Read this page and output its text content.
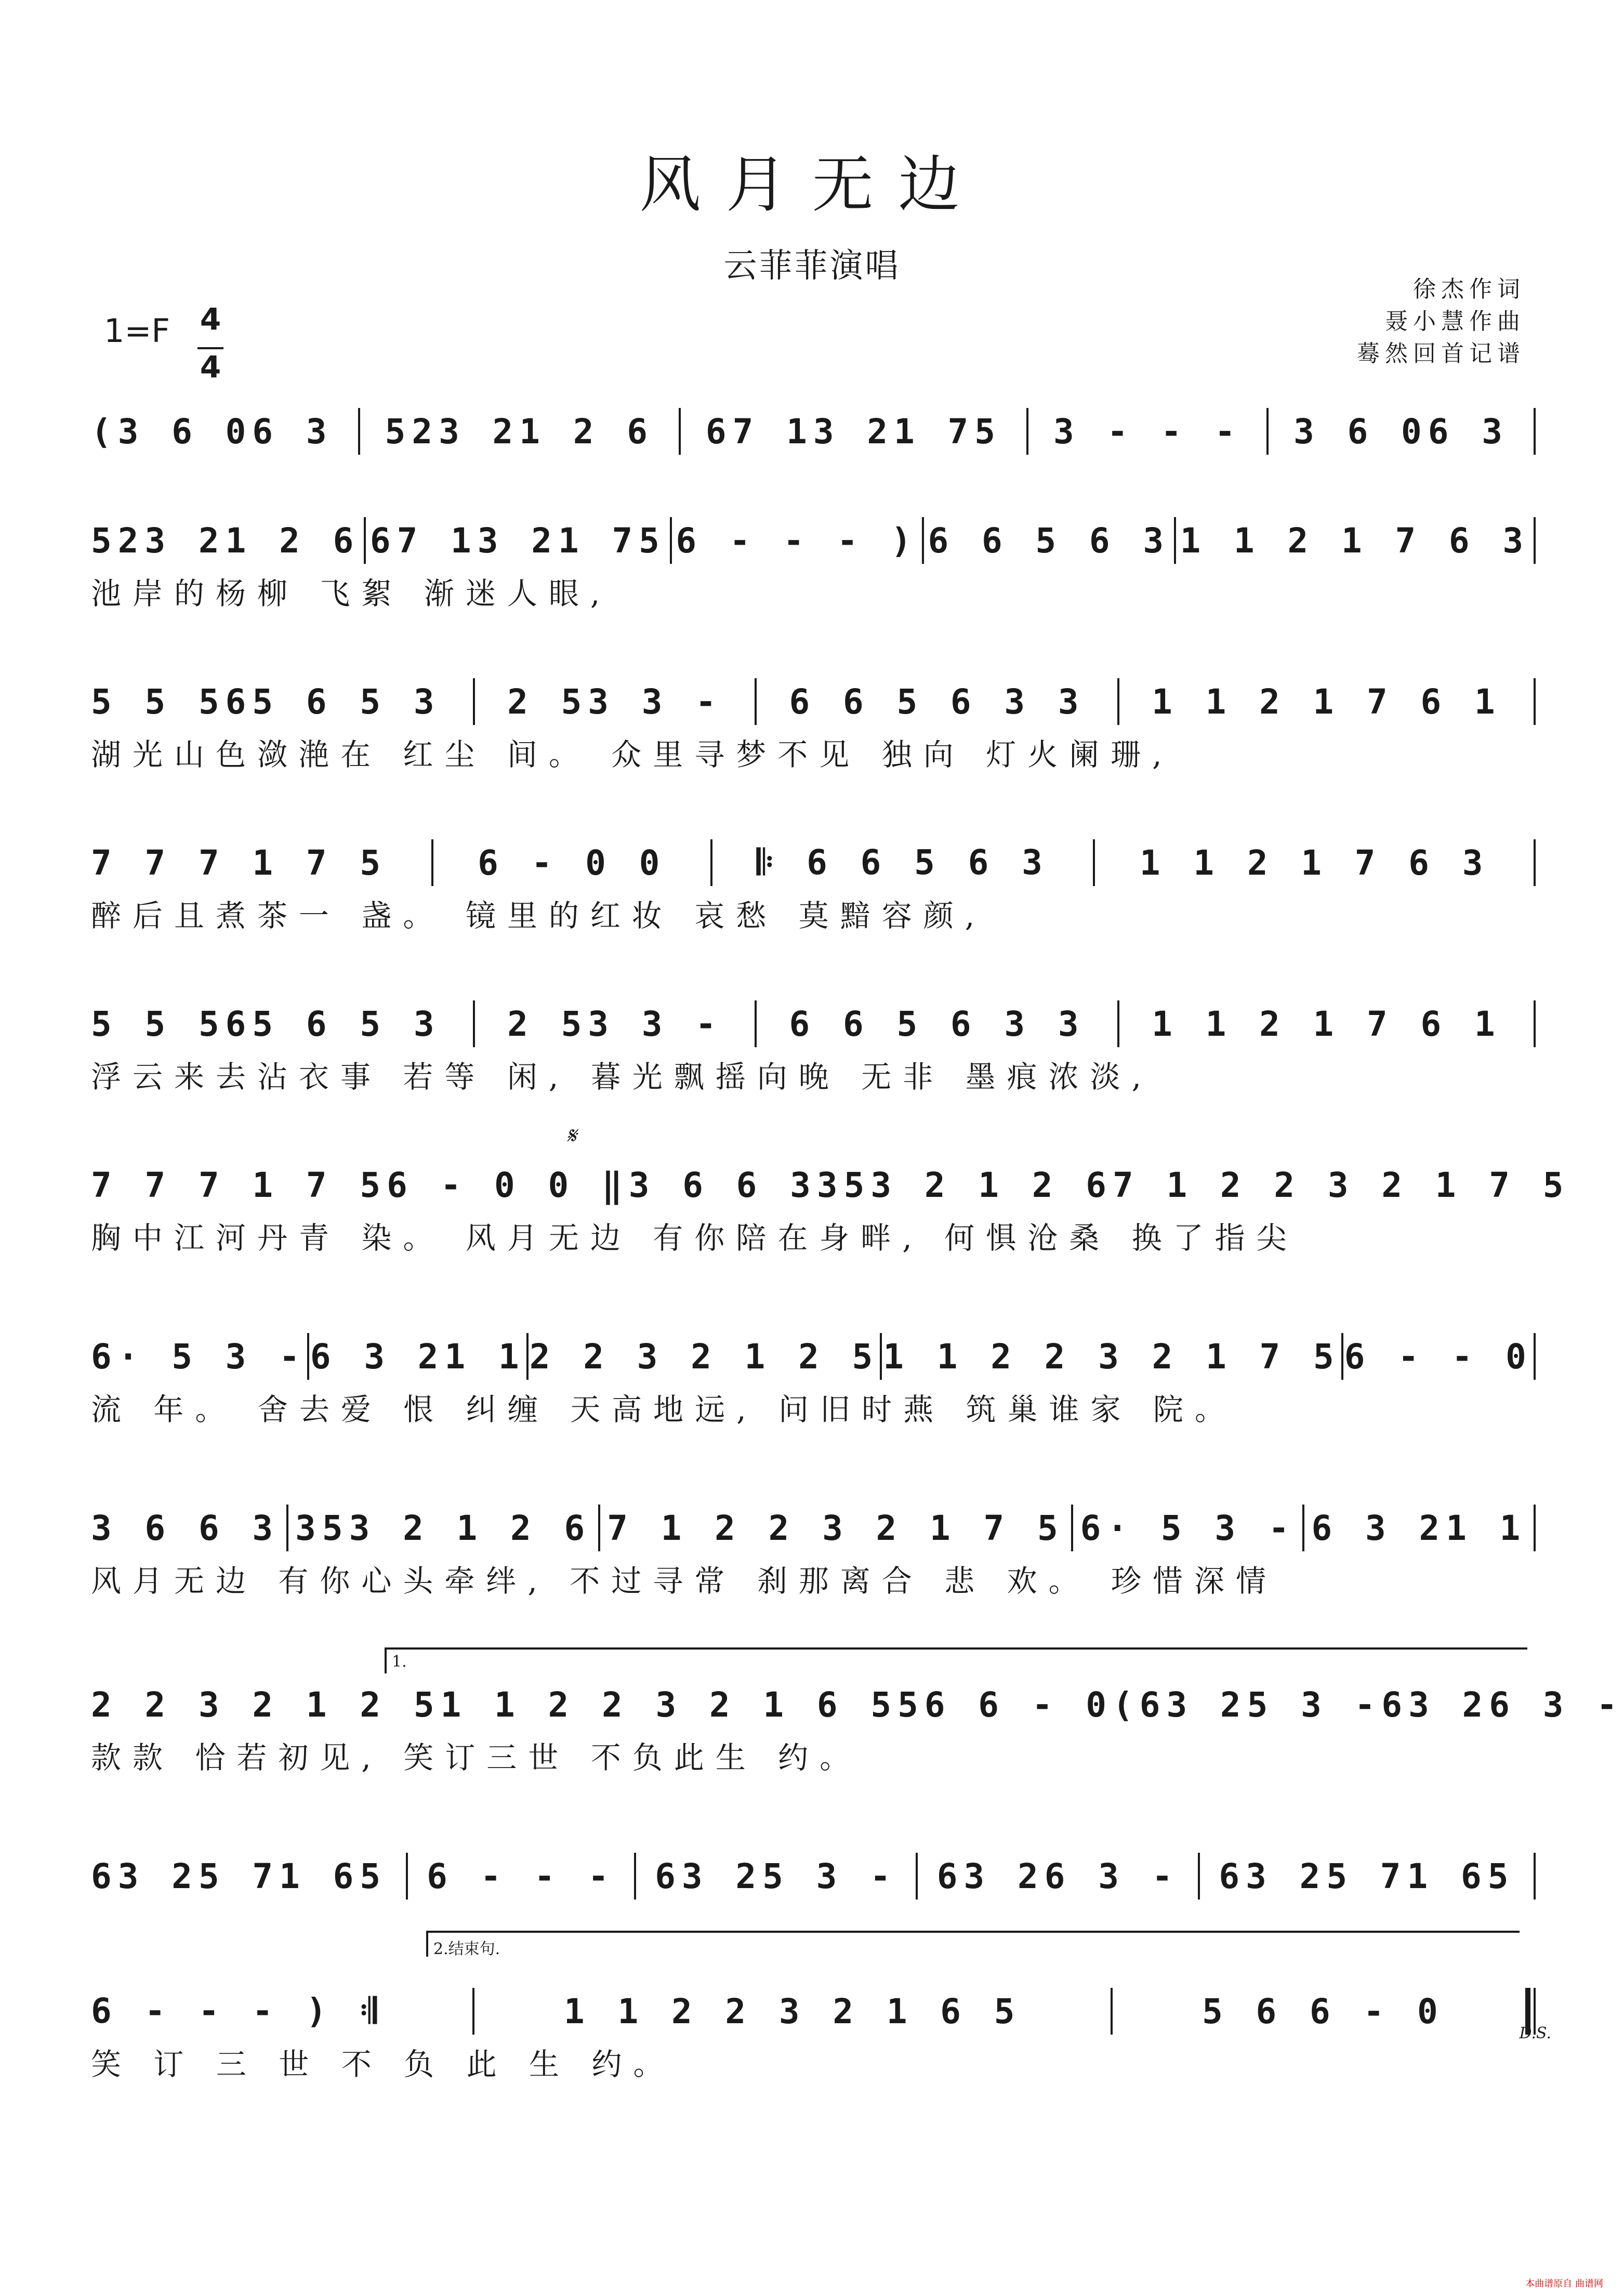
风月无边
云菲菲演唱
徐杰作词
聂小慧作曲
蓦然回首记谱
1=F 4
4
(3 6 06 3 523 21 2 6 67 13 21 75 3 - - - 3 6 06 3
523 21 2 6 67 13 21 75 6 - - - ) 6 6 5 6 3 1 1 2 1 7 6 3
池岸的杨柳 飞絮 渐迷人眼,
5 5 565 6 5 3 2 53 3 - 6 6 5 6 3 3 1 1 2 1 7 6 1
湖光山色潋滟在 红尘 间。 众里寻梦不见 独向 灯火阑珊,
7 7 7 1 7 5	6 - 0 0	𝄆 6 6 5 6 3	1 1 2 1 7 6 3
醉后且煮茶一 盏。 镜里的红妆 哀愁 莫黯容颜,
5 5 565 6 5 3 2 53 3 - 6 6 5 6 3 3 1 1 2 1 7 6 1
浮云来去沾衣事 若等 闲, 暮光飘摇向晚 无非 墨痕浓淡,
7 7 7 1 7 5 6 - 0 0 ‖ 3 6 6 3 353 2 1 2 6 7 1 2 2 3 2 1 7 5
胸中江河丹青 染。 风月无边 有你陪在身畔, 何惧沧桑 换了指尖
6· 5 3 - 6 3 21 1 2 2 3 2 1 2 5 1 1 2 2 3 2 1 7 5 6 - - 0
流 年。 舍去爱 恨 纠缠 天高地远, 问旧时燕 筑巢谁家 院。
3 6 6 3 353 2 1 2 6 7 1 2 2 3 2 1 7 5 6· 5 3 - 6 3 21 1
风月无边 有你心头牵绊, 不过寻常 刹那离合 悲 欢。 珍惜深情
2 2 3 2 1 2 5 1 1 2 2 3 2 1 6 5 56 6 - 0 (63 25 3 - 63 26 3 -
款款 恰若初见, 笑订三世 不负此生 约。
63 25 71 65 6 - - - 63 25 3 - 63 26 3 - 63 25 71 65
6 - - - ) 𝄇	1 1 2 2 3 2 1 6 5	5 6 6 - 0
笑 订 三 世 不 负 此 生 约。
𝄋
1.
2.结束句.
D.S.
本曲谱原自 曲谱网
